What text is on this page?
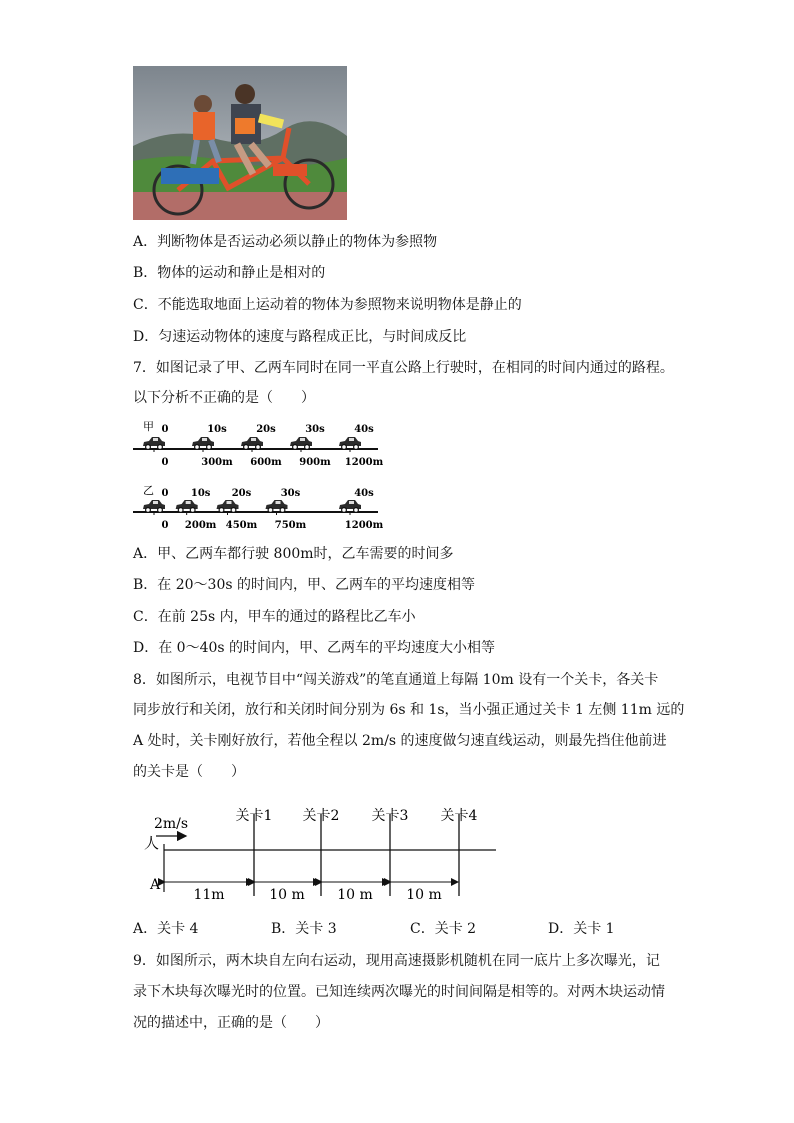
A．判断物体是否运动必须以静止的物体为参照物
B．物体的运动和静止是相对的
C．不能选取地面上运动着的物体为参照物来说明物体是静止的
D．匀速运动物体的速度与路程成正比，与时间成反比
7．如图记录了甲、乙两车同时在同一平直公路上行驶时，在相同的时间内通过的路程。
以下分析不正确的是（　　）
甲 0
0
10s
300m
20s
600m
30s
900m
40s
1200m
乙 0
0
10s
200m
20s
450m
30s
750m
40s
1200m
A．甲、乙两车都行驶 800m时，乙车需要的时间多
B．在 20～30s 的时间内，甲、乙两车的平均速度相等
C．在前 25s 内，甲车的通过的路程比乙车小
D．在 0～40s 的时间内，甲、乙两车的平均速度大小相等
8．如图所示，电视节目中“闯关游戏”的笔直通道上每隔 10m 设有一个关卡，各关卡
同步放行和关闭，放行和关闭时间分别为 6s 和 1s，当小强正通过关卡 1 左侧 11m 远的
A 处时，关卡刚好放行，若他全程以 2m/s 的速度做匀速直线运动，则最先挡住他前进
的关卡是（　　）
2m/s
人
A
关卡1 关卡2 关卡3 关卡4
11m	10 m 10 m 10 m
A．关卡 4	B．关卡 3	C．关卡 2	D．关卡 1
9．如图所示，两木块自左向右运动，现用高速摄影机随机在同一底片上多次曝光，记
录下木块每次曝光时的位置。已知连续两次曝光的时间间隔是相等的。对两木块运动情
况的描述中，正确的是（　　）
